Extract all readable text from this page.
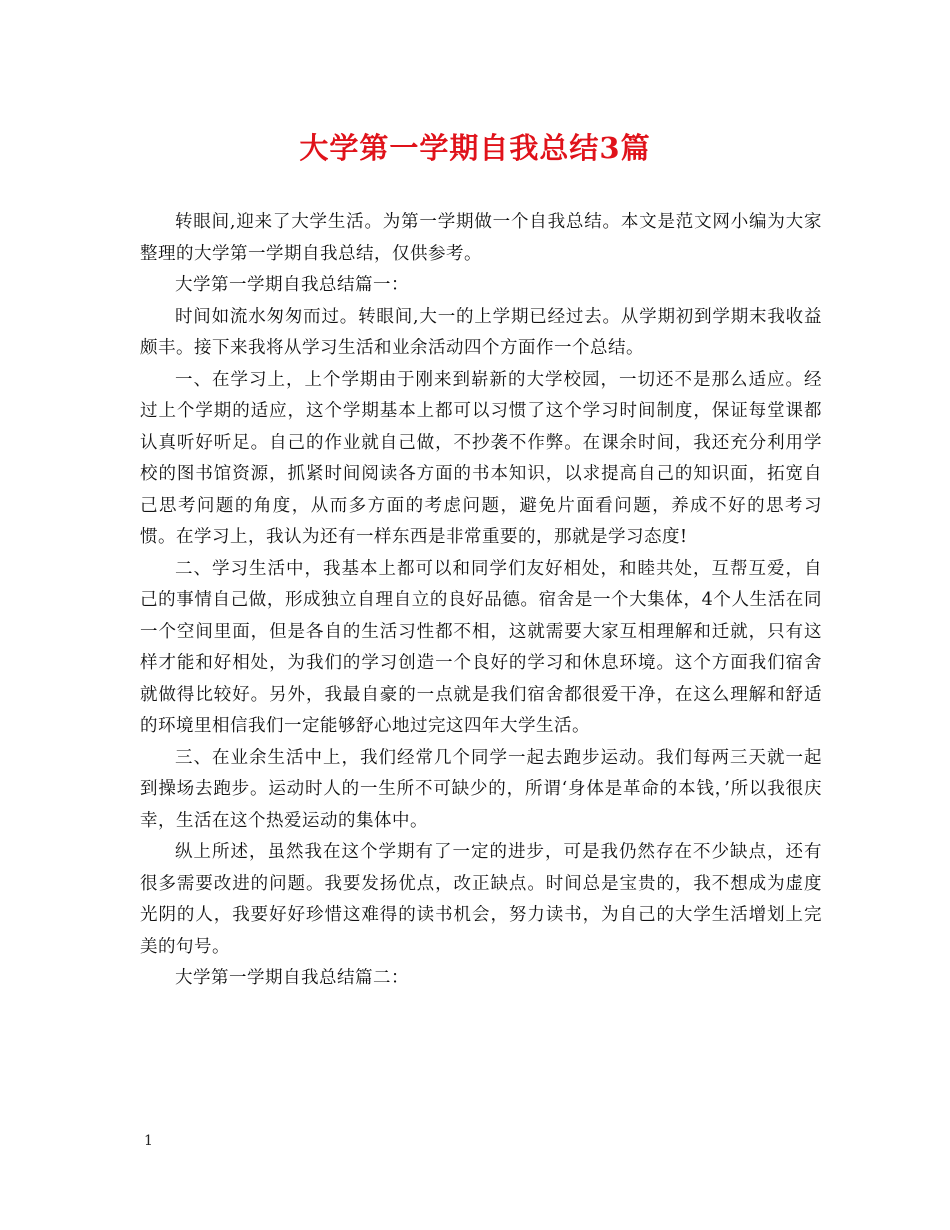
大学第一学期自我总结3篇

转眼间,迎来了大学生活。为第一学期做一个自我总结。本文是范文网小编为大家整理的大学第一学期自我总结，仅供参考。

大学第一学期自我总结篇一：

时间如流水匆匆而过。转眼间,大一的上学期已经过去。从学期初到学期末我收益颇丰。接下来我将从学习生活和业余活动四个方面作一个总结。

一、在学习上，上个学期由于刚来到崭新的大学校园，一切还不是那么适应。经过上个学期的适应，这个学期基本上都可以习惯了这个学习时间制度，保证每堂课都认真听好听足。自己的作业就自己做，不抄袭不作弊。在课余时间，我还充分利用学校的图书馆资源，抓紧时间阅读各方面的书本知识，以求提高自己的知识面，拓宽自己思考问题的角度，从而多方面的考虑问题，避免片面看问题，养成不好的思考习惯。在学习上，我认为还有一样东西是非常重要的，那就是学习态度!

二、学习生活中，我基本上都可以和同学们友好相处，和睦共处，互帮互爱，自己的事情自己做，形成独立自理自立的良好品德。宿舍是一个大集体，4个人生活在同一个空间里面，但是各自的生活习性都不相，这就需要大家互相理解和迁就，只有这样才能和好相处，为我们的学习创造一个良好的学习和休息环境。这个方面我们宿舍就做得比较好。另外，我最自豪的一点就是我们宿舍都很爱干净，在这么理解和舒适的环境里相信我们一定能够舒心地过完这四年大学生活。

三、在业余生活中上，我们经常几个同学一起去跑步运动。我们每两三天就一起到操场去跑步。运动时人的一生所不可缺少的，所谓‘身体是革命的本钱，’所以我很庆幸，生活在这个热爱运动的集体中。

纵上所述，虽然我在这个学期有了一定的进步，可是我仍然存在不少缺点，还有很多需要改进的问题。我要发扬优点，改正缺点。时间总是宝贵的，我不想成为虚度光阴的人，我要好好珍惜这难得的读书机会，努力读书，为自己的大学生活增划上完美的句号。

大学第一学期自我总结篇二：

1
